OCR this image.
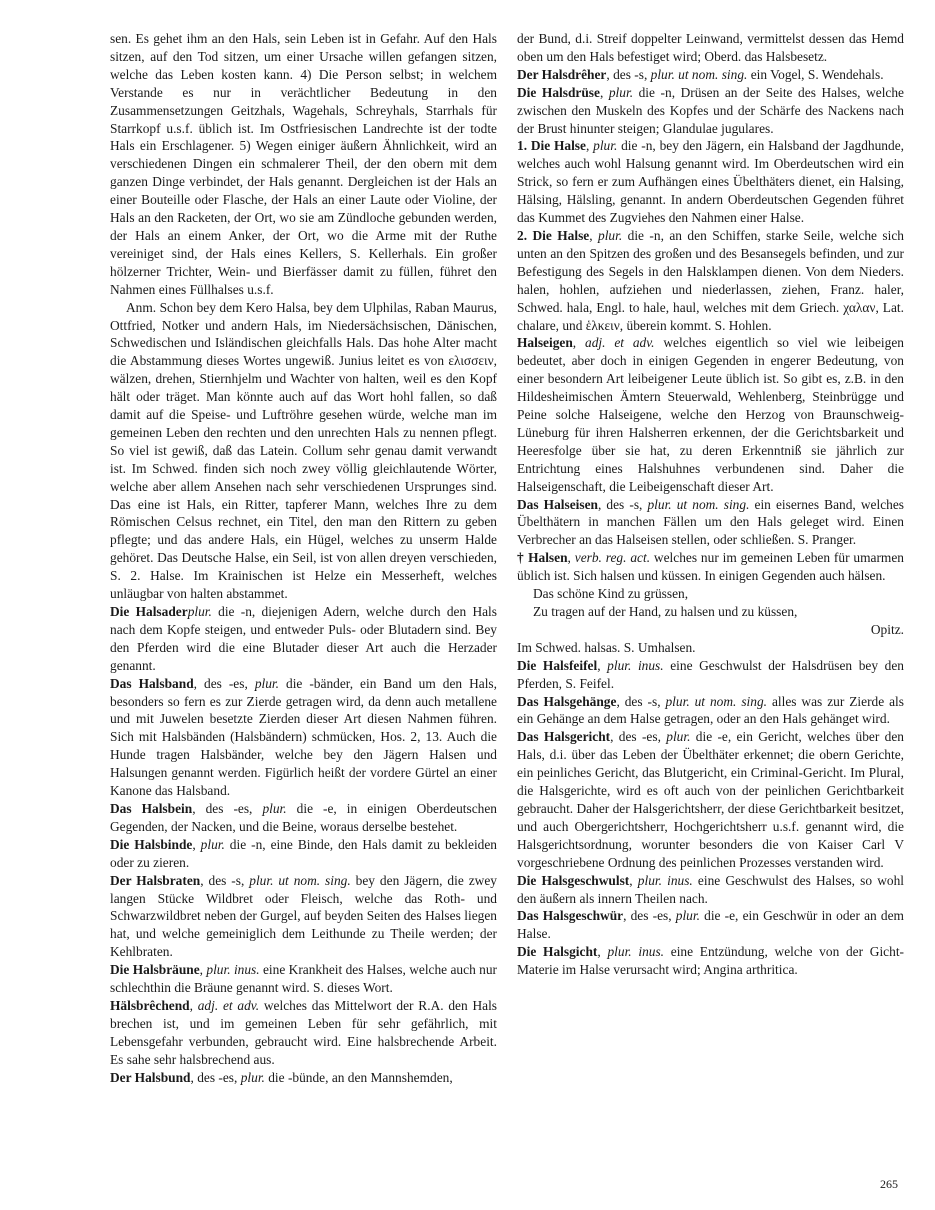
sen. Es gehet ihm an den Hals, sein Leben ist in Gefahr. Auf den Hals sitzen, auf den Tod sitzen, um einer Ursache willen gefangen sitzen, welche das Leben kosten kann. 4) Die Person selbst; in welchem Verstande es nur in verächtlicher Bedeutung in den Zusammensetzungen Geitzhals, Wagehals, Schreyhals, Starrhals für Starrkopf u.s.f. üblich ist. Im Ostfriesischen Landrechte ist der todte Hals ein Erschlagener. 5) Wegen einiger äußern Ähnlichkeit, wird an verschiedenen Dingen ein schmalerer Theil, der den obern mit dem ganzen Dinge verbindet, der Hals genannt. Dergleichen ist der Hals an einer Bouteille oder Flasche, der Hals an einer Laute oder Violine, der Hals an den Racketen, der Ort, wo sie am Zündloche gebunden werden, der Hals an einem Anker, der Ort, wo die Arme mit der Ruthe vereiniget sind, der Hals eines Kellers, S. Kellerhals. Ein großer hölzerner Trichter, Wein- und Bierfässer damit zu füllen, führet den Nahmen eines Füllhalses u.s.f.

Anm. Schon bey dem Kero Halsa, bey dem Ulphilas, Raban Maurus, Ottfried, Notker und andern Hals, im Niedersächsischen, Dänischen, Schwedischen und Isländischen gleichfalls Hals. Das hohe Alter macht die Abstammung dieses Wortes ungewiß. Junius leitet es von ελισσειν, wälzen, drehen, Stiernhjelm und Wachter von halten, weil es den Kopf hält oder träget. Man könnte auch auf das Wort hohl fallen, so daß damit auf die Speise- und Luftröhre gesehen würde, welche man im gemeinen Leben den rechten und den unrechten Hals zu nennen pflegt. So viel ist gewiß, daß das Latein. Collum sehr genau damit verwandt ist. Im Schwed. finden sich noch zwey völlig gleichlautende Wörter, welche aber allem Ansehen nach sehr verschiedenen Ursprunges sind. Das eine ist Hals, ein Ritter, tapferer Mann, welches Ihre zu dem Römischen Celsus rechnet, ein Titel, den man den Rittern zu geben pflegte; und das andere Hals, ein Hügel, welches zu unserm Halde gehöret. Das Deutsche Halse, ein Seil, ist von allen dreyen verschieden, S. 2. Halse. Im Krainischen ist Helze ein Messerheft, welches unläugbar von halten abstammet.

Die Halsaderplur. die -n, diejenigen Adern, welche durch den Hals nach dem Kopfe steigen, und entweder Puls- oder Blutadern sind. Bey den Pferden wird die eine Blutader dieser Art auch die Herzader genannt.

Das Halsband, des -es, plur. die -bänder, ein Band um den Hals, besonders so fern es zur Zierde getragen wird, da denn auch metallene und mit Juwelen besetzte Zierden dieser Art diesen Nahmen führen. Sich mit Halsbänden (Halsbändern) schmücken, Hos. 2, 13. Auch die Hunde tragen Halsbänder, welche bey den Jägern Halsen und Halsungen genannt werden. Figürlich heißt der vordere Gürtel an einer Kanone das Halsband.

Das Halsbein, des -es, plur. die -e, in einigen Oberdeutschen Gegenden, der Nacken, und die Beine, woraus derselbe bestehet.

Die Halsbinde, plur. die -n, eine Binde, den Hals damit zu bekleiden oder zu zieren.

Der Halsbraten, des -s, plur. ut nom. sing. bey den Jägern, die zwey langen Stücke Wildbret oder Fleisch, welche das Roth- und Schwarzwildbret neben der Gurgel, auf beyden Seiten des Halses liegen hat, und welche gemeiniglich dem Leithunde zu Theile werden; der Kehlbraten.

Die Halsbräune, plur. inus. eine Krankheit des Halses, welche auch nur schlechthin die Bräune genannt wird. S. dieses Wort.

Hälsbrêchend, adj. et adv. welches das Mittelwort der R.A. den Hals brechen ist, und im gemeinen Leben für sehr gefährlich, mit Lebensgefahr verbunden, gebraucht wird. Eine halsbrechende Arbeit. Es sahe sehr halsbrechend aus.

Der Halsbund, des -es, plur. die -bünde, an den Mannshemden,

der Bund, d.i. Streif doppelter Leinwand, vermittelst dessen das Hemd oben um den Hals befestiget wird; Oberd. das Halsbesetz.

Der Halsdrêher, des -s, plur. ut nom. sing. ein Vogel, S. Wendehals.

Die Halsdrüse, plur. die -n, Drüsen an der Seite des Halses, welche zwischen den Muskeln des Kopfes und der Schärfe des Nackens nach der Brust hinunter steigen; Glandulae jugulares.

1. Die Halse, plur. die -n, bey den Jägern, ein Halsband der Jagdhunde, welches auch wohl Halsung genannt wird. Im Oberdeutschen wird ein Strick, so fern er zum Aufhängen eines Übelthäters dienet, ein Halsing, Hälsing, Hälsling, genannt. In andern Oberdeutschen Gegenden führet das Kummet des Zugviehes den Nahmen einer Halse.

2. Die Halse, plur. die -n, an den Schiffen, starke Seile, welche sich unten an den Spitzen des großen und des Besansegels befinden, und zur Befestigung des Segels in den Halsklampen dienen. Von dem Nieders. halen, hohlen, aufziehen und niederlassen, ziehen, Franz. haler, Schwed. hala, Engl. to hale, haul, welches mit dem Griech. χαλαν, Lat. chalare, und ἑλκειν, überein kommt. S. Hohlen.

Halseigen, adj. et adv. welches eigentlich so viel wie leibeigen bedeutet, aber doch in einigen Gegenden in engerer Bedeutung, von einer besondern Art leibeigener Leute üblich ist. So gibt es, z.B. in den Hildesheimischen Ämtern Steuerwald, Wehlenberg, Steinbrügge und Peine solche Halseigene, welche den Herzog von Braunschweig-Lüneburg für ihren Halsherren erkennen, der die Gerichtsbarkeit und Heeresfolge über sie hat, zu deren Erkenntniß sie jährlich zur Entrichtung eines Halshuhnes verbundenen sind. Daher die Halseigenschaft, die Leibeigenschaft dieser Art.

Das Halseisen, des -s, plur. ut nom. sing. ein eisernes Band, welches Übelthätern in manchen Fällen um den Hals geleget wird. Einen Verbrecher an das Halseisen stellen, oder schließen. S. Pranger.

† Halsen, verb. reg. act. welches nur im gemeinen Leben für umarmen üblich ist. Sich halsen und küssen. In einigen Gegenden auch hälsen.

Das schöne Kind zu grüssen,

Zu tragen auf der Hand, zu halsen und zu küssen,

Opitz.

Im Schwed. halsas. S. Umhalsen.

Die Halsfeifel, plur. inus. eine Geschwulst der Halsdrüsen bey den Pferden, S. Feifel.

Das Halsgehänge, des -s, plur. ut nom. sing. alles was zur Zierde als ein Gehänge an dem Halse getragen, oder an den Hals gehänget wird.

Das Halsgericht, des -es, plur. die -e, ein Gericht, welches über den Hals, d.i. über das Leben der Übelthäter erkennet; die obern Gerichte, ein peinliches Gericht, das Blutgericht, ein Criminal-Gericht. Im Plural, die Halsgerichte, wird es oft auch von der peinlichen Gerichtbarkeit gebraucht. Daher der Halsgerichtsherr, der diese Gerichtbarkeit besitzet, und auch Obergerichtsherr, Hochgerichtsherr u.s.f. genannt wird, die Halsgerichtsordnung, worunter besonders die von Kaiser Carl V vorgeschriebene Ordnung des peinlichen Prozesses verstanden wird.

Die Halsgeschwulst, plur. inus. eine Geschwulst des Halses, so wohl den äußern als innern Theilen nach.

Das Halsgeschwür, des -es, plur. die -e, ein Geschwür in oder an dem Halse.

Die Halsgicht, plur. inus. eine Entzündung, welche von der Gicht-Materie im Halse verursacht wird; Angina arthritica.

265
